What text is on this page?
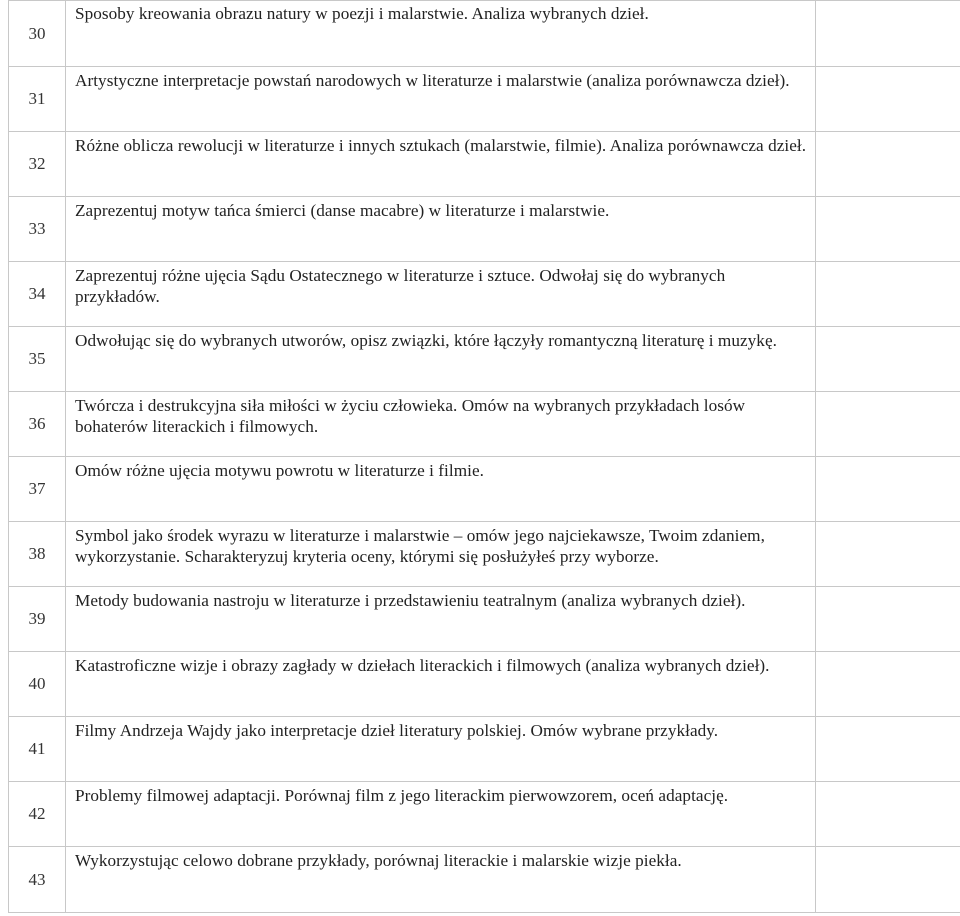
30	Sposoby kreowania obrazu natury w poezji i malarstwie. Analiza wybranych dzieł.	
31	Artystyczne interpretacje powstań narodowych w literaturze i malarstwie (analiza porównawcza dzieł).	
32	Różne oblicza rewolucji w literaturze i innych sztukach (malarstwie, filmie). Analiza porównawcza dzieł.	
33	Zaprezentuj motyw tańca śmierci (danse macabre) w literaturze i malarstwie.	
34	Zaprezentuj różne ujęcia Sądu Ostatecznego w literaturze i sztuce. Odwołaj się do wybranych przykładów.	
35	Odwołując się do wybranych utworów, opisz związki, które łączyły romantyczną literaturę i muzykę.	
36	Twórcza i destrukcyjna siła miłości w życiu człowieka. Omów na wybranych przykładach losów bohaterów literackich i filmowych.	
37	Omów różne ujęcia motywu powrotu w literaturze i filmie.	
38	Symbol jako środek wyrazu w literaturze i malarstwie – omów jego najciekawsze, Twoim zdaniem, wykorzystanie. Scharakteryzuj kryteria oceny, którymi się posłużyłeś przy wyborze.	
39	Metody budowania nastroju w literaturze i przedstawieniu teatralnym (analiza wybranych dzieł).	
40	Katastroficzne wizje i obrazy zagłady w dziełach literackich i filmowych (analiza wybranych dzieł).	
41	Filmy Andrzeja Wajdy jako interpretacje dzieł literatury polskiej. Omów wybrane przykłady.	
42	Problemy filmowej adaptacji. Porównaj film z jego literackim pierwowzorem, oceń adaptację.	
43	Wykorzystując celowo dobrane przykłady, porównaj literackie i malarskie wizje piekła.	
